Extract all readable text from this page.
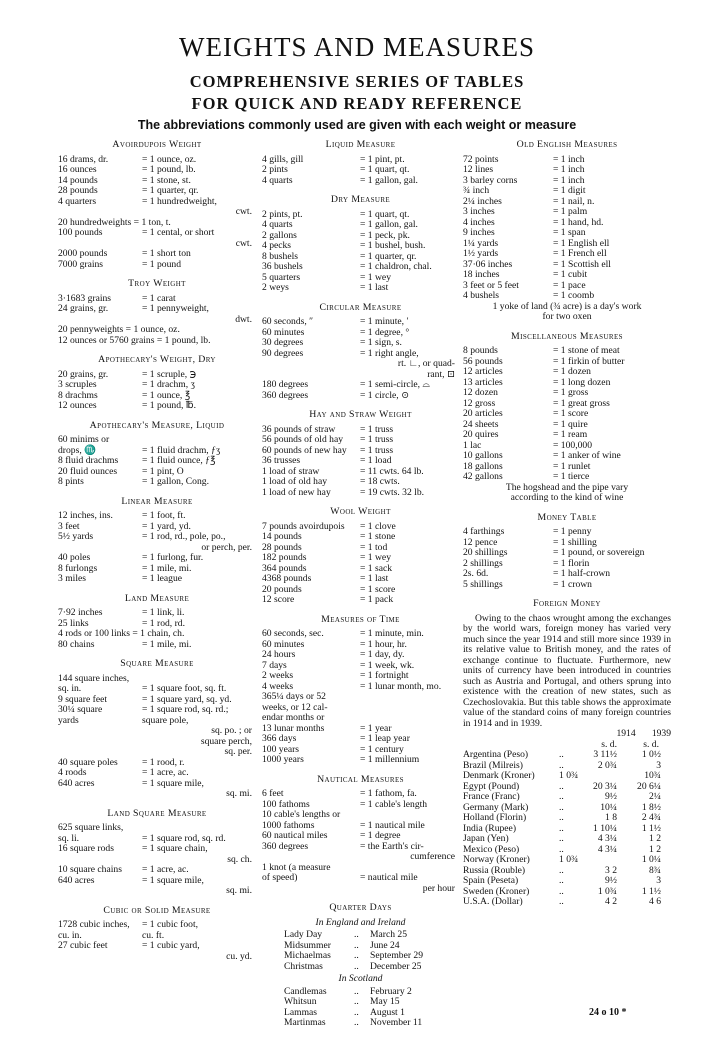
WEIGHTS AND MEASURES
COMPREHENSIVE SERIES OF TABLES
FOR QUICK AND READY REFERENCE
The abbreviations commonly used are given with each weight or measure
Avoirdupois Weight
16 drams, dr.	= 1 ounce, oz.
16 ounces	= 1 pound, lb.
14 pounds	= 1 stone, st.
28 pounds	= 1 quarter, qr.
4 quarters	= 1 hundredweight,
cwt.
20 hundredweights = 1 ton, t.
100 pounds	= 1 cental, or short
cwt.
2000 pounds	= 1 short ton
7000 grains	= 1 pound
Troy Weight
3·1683 grains	= 1 carat
24 grains, gr.	= 1 pennyweight,
dwt.
20 pennyweights = 1 ounce, oz.
12 ounces or 5760 grains = 1 pound, lb.
Apothecary's Weight, Dry
20 grains, gr.	= 1 scruple, ℈
3 scruples	= 1 drachm, ʒ
8 drachms	= 1 ounce, ℥
12 ounces	= 1 pound, ℔.
Apothecary's Measure, Liquid
60 minims or
drops, ♏	= 1 fluid drachm, ƒʒ
8 fluid drachms	= 1 fluid ounce, ƒ℥
20 fluid ounces	= 1 pint, O
8 pints	= 1 gallon, Cong.
Linear Measure
12 inches, ins.	= 1 foot, ft.
3 feet	= 1 yard, yd.
5½ yards	= 1 rod, rd., pole, po.,
or perch, per.
40 poles	= 1 furlong, fur.
8 furlongs	= 1 mile, mi.
3 miles	= 1 league
Land Measure
7·92 inches	= 1 link, li.
25 links	= 1 rod, rd.
4 rods or 100 links = 1 chain, ch.
80 chains	= 1 mile, mi.
Square Measure
144 square inches,
sq. in.	= 1 square foot, sq. ft.
9 square feet	= 1 square yard, sq. yd.
30¼ square	= 1 square rod, sq. rd.;
yards	square pole,
sq. po. ; or
square perch,
sq. per.
40 square poles	= 1 rood, r.
4 roods	= 1 acre, ac.
640 acres	= 1 square mile,
sq. mi.
Land Square Measure
625 square links,
sq. li.	= 1 square rod, sq. rd.
16 square rods	= 1 square chain,
sq. ch.
10 square chains	= 1 acre, ac.
640 acres	= 1 square mile,
sq. mi.
Cubic or Solid Measure
1728 cubic inches,	= 1 cubic foot,
cu. in.	cu. ft.
27 cubic feet	= 1 cubic yard,
cu. yd.
Liquid Measure
4 gills, gill	= 1 pint, pt.
2 pints	= 1 quart, qt.
4 quarts	= 1 gallon, gal.
Dry Measure
2 pints, pt.	= 1 quart, qt.
4 quarts	= 1 gallon, gal.
2 gallons	= 1 peck, pk.
4 pecks	= 1 bushel, bush.
8 bushels	= 1 quarter, qr.
36 bushels	= 1 chaldron, chal.
5 quarters	= 1 wey
2 weys	= 1 last
Circular Measure
60 seconds, ″	= 1 minute, ′
60 minutes	= 1 degree, °
30 degrees	= 1 sign, s.
90 degrees	= 1 right angle,
rt. ∟, or quad-
rant, ⊡
180 degrees	= 1 semi-circle, ⌓
360 degrees	= 1 circle, ⊙
Hay and Straw Weight
36 pounds of straw	= 1 truss
56 pounds of old hay	= 1 truss
60 pounds of new hay	= 1 truss
36 trusses	= 1 load
1 load of straw	= 11 cwts. 64 lb.
1 load of old hay	= 18 cwts.
1 load of new hay	= 19 cwts. 32 lb.
Wool Weight
7 pounds avoirdupois	= 1 clove
14 pounds	= 1 stone
28 pounds	= 1 tod
182 pounds	= 1 wey
364 pounds	= 1 sack
4368 pounds	= 1 last
20 pounds	= 1 score
12 score	= 1 pack
Measures of Time
60 seconds, sec.	= 1 minute, min.
60 minutes	= 1 hour, hr.
24 hours	= 1 day, dy.
7 days	= 1 week, wk.
2 weeks	= 1 fortnight
4 weeks	= 1 lunar month, mo.
365¼ days or 52
weeks, or 12 cal-
endar months or
13 lunar months	= 1 year
366 days	= 1 leap year
100 years	= 1 century
1000 years	= 1 millennium
Nautical Measures
6 feet	= 1 fathom, fa.
100 fathoms	= 1 cable's length
10 cable's lengths or
1000 fathoms	= 1 nautical mile
60 nautical miles	= 1 degree
360 degrees	= the Earth's cir-
cumference
1 knot (a measure
of speed)	= nautical mile
per hour
Quarter Days
In England and Ireland
Lady Day	..	March 25
Midsummer	..	June 24
Michaelmas	..	September 29
Christmas	..	December 25
In Scotland
Candlemas	..	February 2
Whitsun	..	May 15
Lammas	..	August 1
Martinmas	..	November 11
Old English Measures
72 points	= 1 inch
12 lines	= 1 inch
3 barley corns	= 1 inch
¾ inch	= 1 digit
2¼ inches	= 1 nail, n.
3 inches	= 1 palm
4 inches	= 1 hand, hd.
9 inches	= 1 span
1¼ yards	= 1 English ell
1½ yards	= 1 French ell
37·06 inches	= 1 Scottish ell
18 inches	= 1 cubit
3 feet or 5 feet	= 1 pace
4 bushels	= 1 coomb
1 yoke of land (¾ acre) is a day's work
for two oxen
Miscellaneous Measures
8 pounds	= 1 stone of meat
56 pounds	= 1 firkin of butter
12 articles	= 1 dozen
13 articles	= 1 long dozen
12 dozen	= 1 gross
12 gross	= 1 great gross
20 articles	= 1 score
24 sheets	= 1 quire
20 quires	= 1 ream
1 lac	= 100,000
10 gallons	= 1 anker of wine
18 gallons	= 1 runlet
42 gallons	= 1 tierce
The hogshead and the pipe vary
according to the kind of wine
Money Table
4 farthings	= 1 penny
12 pence	= 1 shilling
20 shillings	= 1 pound, or sovereign
2 shillings	= 1 florin
2s. 6d.	= 1 half-crown
5 shillings	= 1 crown
Foreign Money

Owing to the chaos wrought among the exchanges by the world wars, foreign money has varied very much since the year 1914 and still more since 1939 in its relative value to British money, and the rates of exchange continue to fluctuate. Furthermore, new units of currency have been introduced in countries such as Austria and Portugal, and others sprung into existence with the creation of new states, such as Czechoslovakia. But this table shows the approximate value of the standard coins of many foreign countries in 1914 and in 1939.

1914	1939
s. d.	s. d.
Argentina (Peso)	..	3 11½	1 0½
Brazil (Milreis)	..	2 0¾	3
Denmark (Kroner)	1 0¾	10¾
Egypt (Pound)	..	20 3¼	20 6¼
France (Franc)	..	9½	2¼
Germany (Mark)	..	10¼	1 8½
Holland (Florin)	..	1 8	2 4¾
India (Rupee)	..	1 10¼	1 1½
Japan (Yen)	..	4 3¼	1 2
Mexico (Peso)	..	4 3¼	1 2
Norway (Kroner)	1 0¾	1 0¼
Russia (Rouble)	..	3 2	8¾
Spain (Peseta)	..	9½	3
Sweden (Kroner)	..	1 0¾	1 1½
U.S.A. (Dollar)	..	4 2	4 6
24 o 10 *
